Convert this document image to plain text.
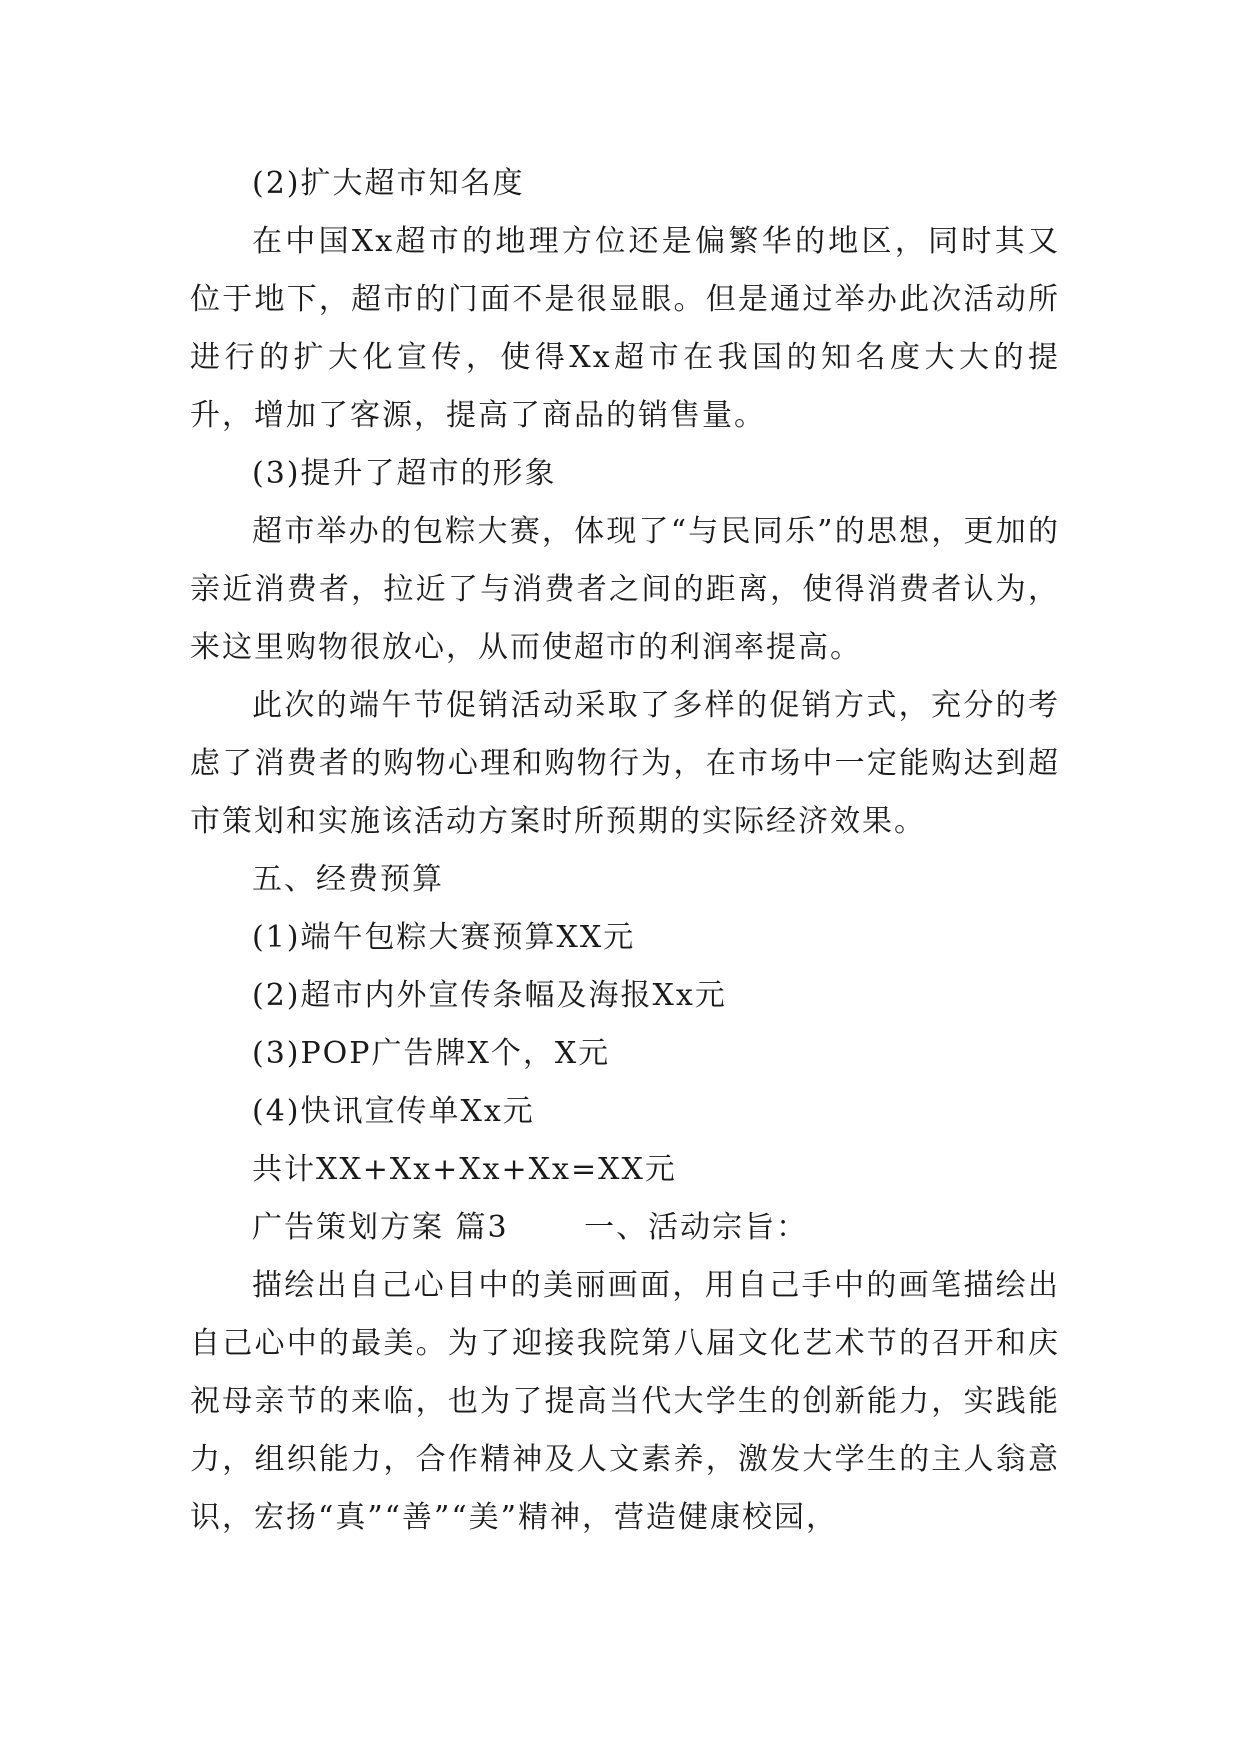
(2)扩大超市知名度

在中国Xx超市的地理方位还是偏繁华的地区，同时其又位于地下，超市的门面不是很显眼。但是通过举办此次活动所进行的扩大化宣传，使得Xx超市在我国的知名度大大的提升，增加了客源，提高了商品的销售量。

(3)提升了超市的形象

超市举办的包粽大赛，体现了“与民同乐”的思想，更加的亲近消费者，拉近了与消费者之间的距离，使得消费者认为，来这里购物很放心，从而使超市的利润率提高。

此次的端午节促销活动采取了多样的促销方式，充分的考虑了消费者的购物心理和购物行为，在市场中一定能购达到超市策划和实施该活动方案时所预期的实际经济效果。

五、经费预算

(1)端午包粽大赛预算XX元

(2)超市内外宣传条幅及海报Xx元

(3)POP广告牌X个，X元

(4)快讯宣传单Xx元

共计XX+Xx+Xx+Xx=XX元

广告策划方案 篇3 　　一、活动宗旨：

描绘出自己心目中的美丽画面，用自己手中的画笔描绘出自己心中的最美。为了迎接我院第八届文化艺术节的召开和庆祝母亲节的来临，也为了提高当代大学生的创新能力，实践能力，组织能力，合作精神及人文素养，激发大学生的主人翁意识，宏扬“真”“善”“美”精神，营造健康校园，
